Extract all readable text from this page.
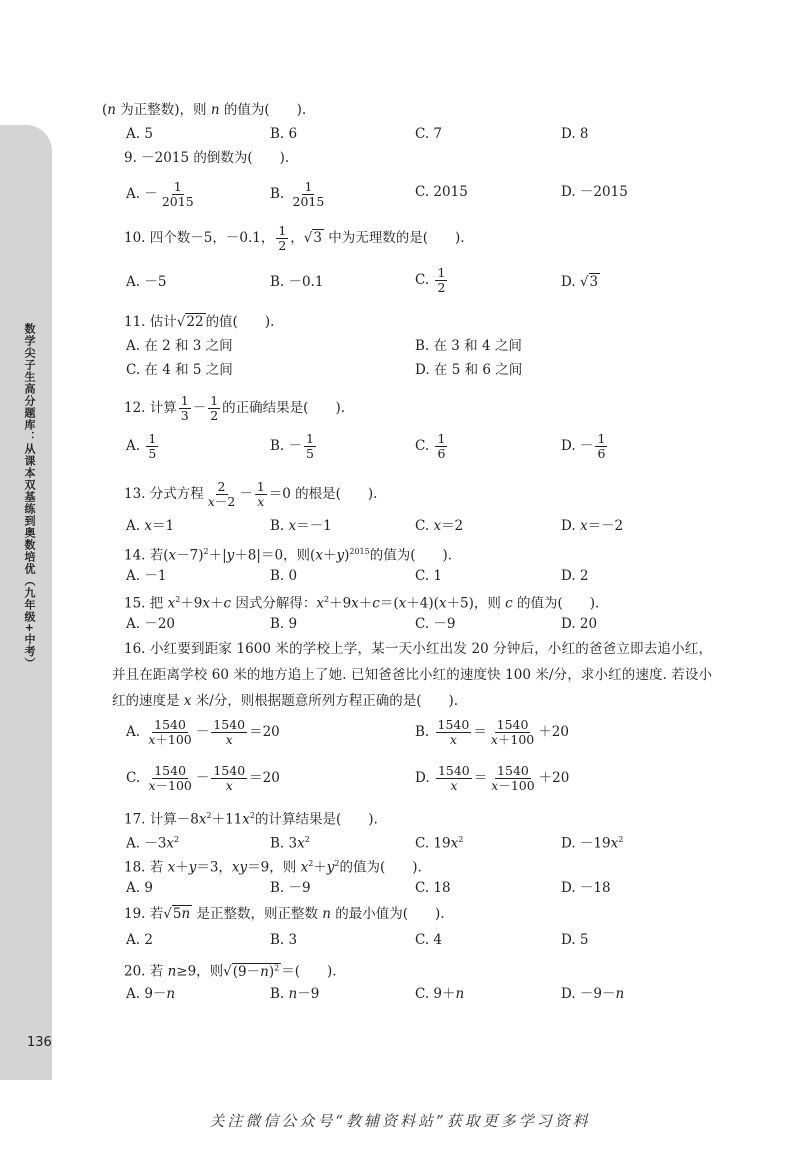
数学尖子生高分题库：从课本双基练到奥数培优（九年级+中考）
136
(n 为正整数)，则 n 的值为(　　).
A. 5	B. 6	C. 7	D. 8
9. －2015 的倒数为(　　).
A. － $\frac{1}{2015}$	B. $\frac{1}{2015}$	C. 2015	D. －2015
10. 四个数－5，－0.1， $\frac{1}{2}$ ，√3 中为无理数的是(　　).
A. －5	B. －0.1	C. $\frac{1}{2}$	D. √3
11. 估计√22 的值(　　).
A. 在 2 和 3 之间	B. 在 3 和 4 之间
C. 在 4 和 5 之间	D. 在 5 和 6 之间
12. 计算 $\frac{1}{3} - \frac{1}{2}$ 的正确结果是(　　).
A. $\frac{1}{5}$	B. － $\frac{1}{5}$	C. $\frac{1}{6}$	D. － $\frac{1}{6}$
13. 分式方程 $\frac{2}{x-2} - \frac{1}{x} =0$ 的根是(　　).
A. x＝1	B. x＝－1	C. x＝2	D. x＝－2
14. 若$(x-7)^2+|y+8|=0$，则$(x+y)^{2015}$的值为(　　).
A. －1	B. 0	C. 1	D. 2
15. 把 $x^2+9x+c$ 因式分解得：$x^2+9x+c=(x+4)(x+5)$，则 c 的值为(　　).
A. －20	B. 9	C. －9	D. 20
16. 小红要到距家 1600 米的学校上学，某一天小红出发 20 分钟后，小红的爸爸立即去追小红，并且在距离学校 60 米的地方追上了她. 已知爸爸比小红的速度快 100 米/分，求小红的速度. 若设小红的速度是 x 米/分，则根据题意所列方程正确的是(　　).
A. $\frac{1540}{x+100} - \frac{1540}{x} =20$	B. $\frac{1540}{x} = \frac{1540}{x+100} +20$
C. $\frac{1540}{x-100} - \frac{1540}{x} =20$	D. $\frac{1540}{x} = \frac{1540}{x-100} +20$
17. 计算$-8x^2+11x^2$的计算结果是(　　).
A. $-3x^2$	B. $3x^2$	C. $19x^2$	D. $-19x^2$
18. 若 x＋y＝3，xy＝9，则 $x^2+y^2$的值为(　　).
A. 9	B. －9	C. 18	D. －18
19. 若√5n 是正整数，则正整数 n 的最小值为(　　).
A. 2	B. 3	C. 4	D. 5
20. 若 n≥9，则$√(9-n)^2$ ＝(　　).
A. 9－n	B. n－9	C. 9＋n	D. －9－n
关注微信公众号“教辅资料站”获取更多学习资料
